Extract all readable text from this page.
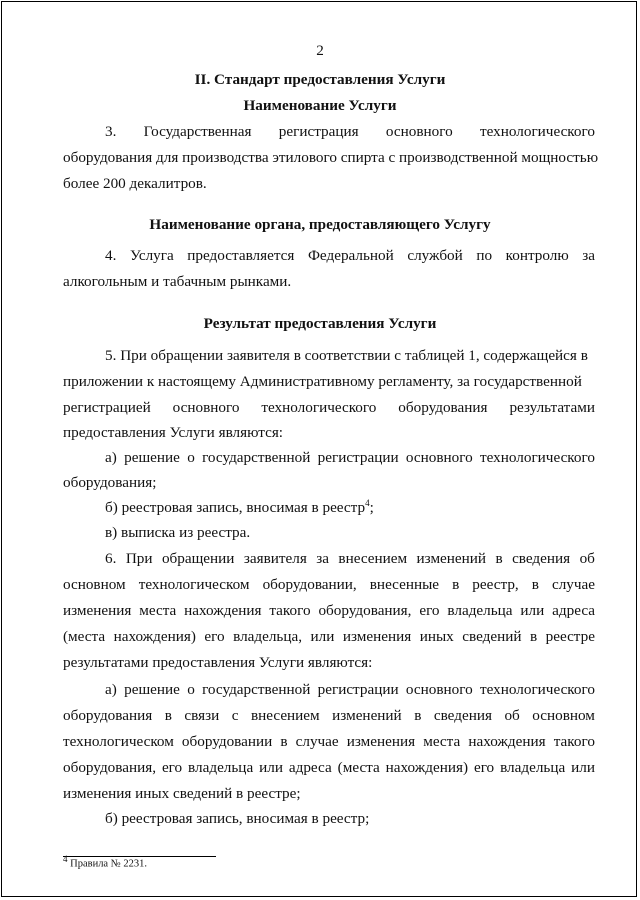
2
II. Стандарт предоставления Услуги
Наименование Услуги
3. Государственная регистрация основного технологического
оборудования для производства этилового спирта с производственной мощностью
более 200 декалитров.
Наименование органа, предоставляющего Услугу
4. Услуга предоставляется Федеральной службой по контролю за
алкогольным и табачным рынками.
Результат предоставления Услуги
5. При обращении заявителя в соответствии с таблицей 1, содержащейся в
приложении к настоящему Административному регламенту, за государственной
регистрацией основного технологического оборудования результатами
предоставления Услуги являются:
а) решение о государственной регистрации основного технологического
оборудования;
б) реестровая запись, вносимая в реестр$^4$;
в) выписка из реестра.
6. При обращении заявителя за внесением изменений в сведения об
основном технологическом оборудовании, внесенные в реестр, в случае
изменения места нахождения такого оборудования, его владельца или адреса
(места нахождения) его владельца, или изменения иных сведений в реестре
результатами предоставления Услуги являются:
а) решение о государственной регистрации основного технологического
оборудования в связи с внесением изменений в сведения об основном
технологическом оборудовании в случае изменения места нахождения такого
оборудования, его владельца или адреса (места нахождения) его владельца или
изменения иных сведений в реестре;
б) реестровая запись, вносимая в реестр;
4 Правила № 2231.
